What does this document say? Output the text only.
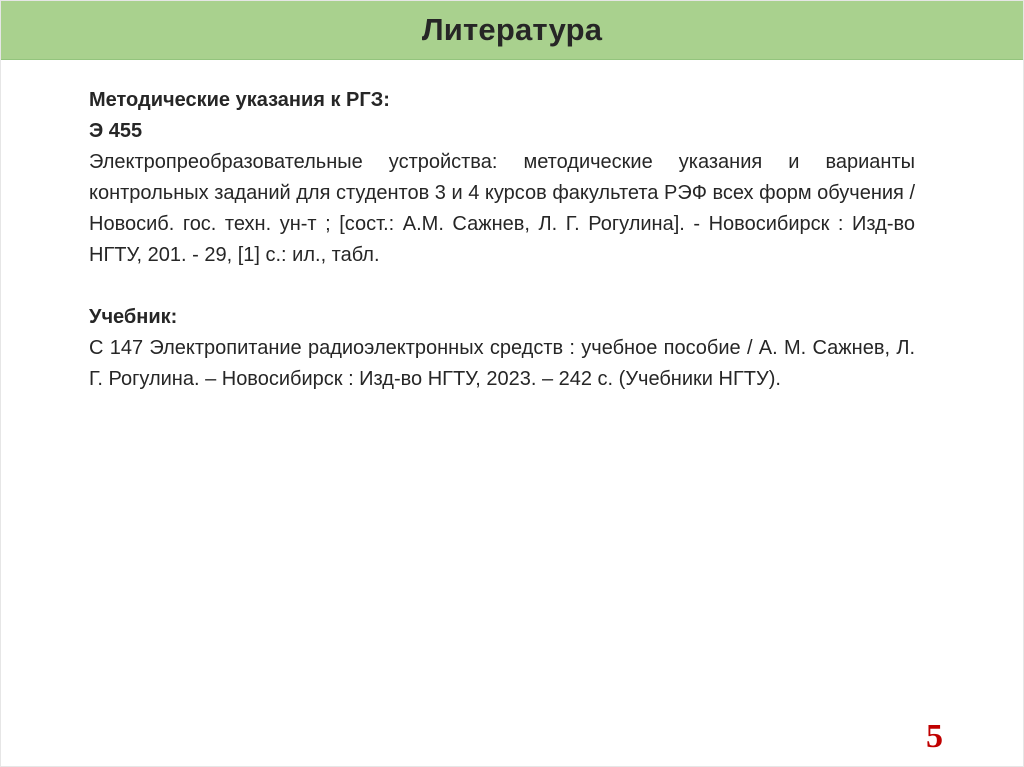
Литература

Методические указания к РГЗ:

Э 455

Электропреобразовательные устройства: методические указания и варианты контрольных заданий для студентов 3 и 4 курсов факультета РЭФ всех форм обучения / Новосиб. гос. техн. ун-т ; [сост.: А.М. Сажнев, Л. Г. Рогулина]. - Новосибирск : Изд-во НГТУ, 201. - 29, [1] с.: ил., табл.

Учебник:

С 147 Электропитание радиоэлектронных средств : учебное пособие / А. М. Сажнев, Л. Г. Рогулина. – Новосибирск : Изд-во НГТУ, 2023. – 242 с. (Учебники НГТУ).

5
